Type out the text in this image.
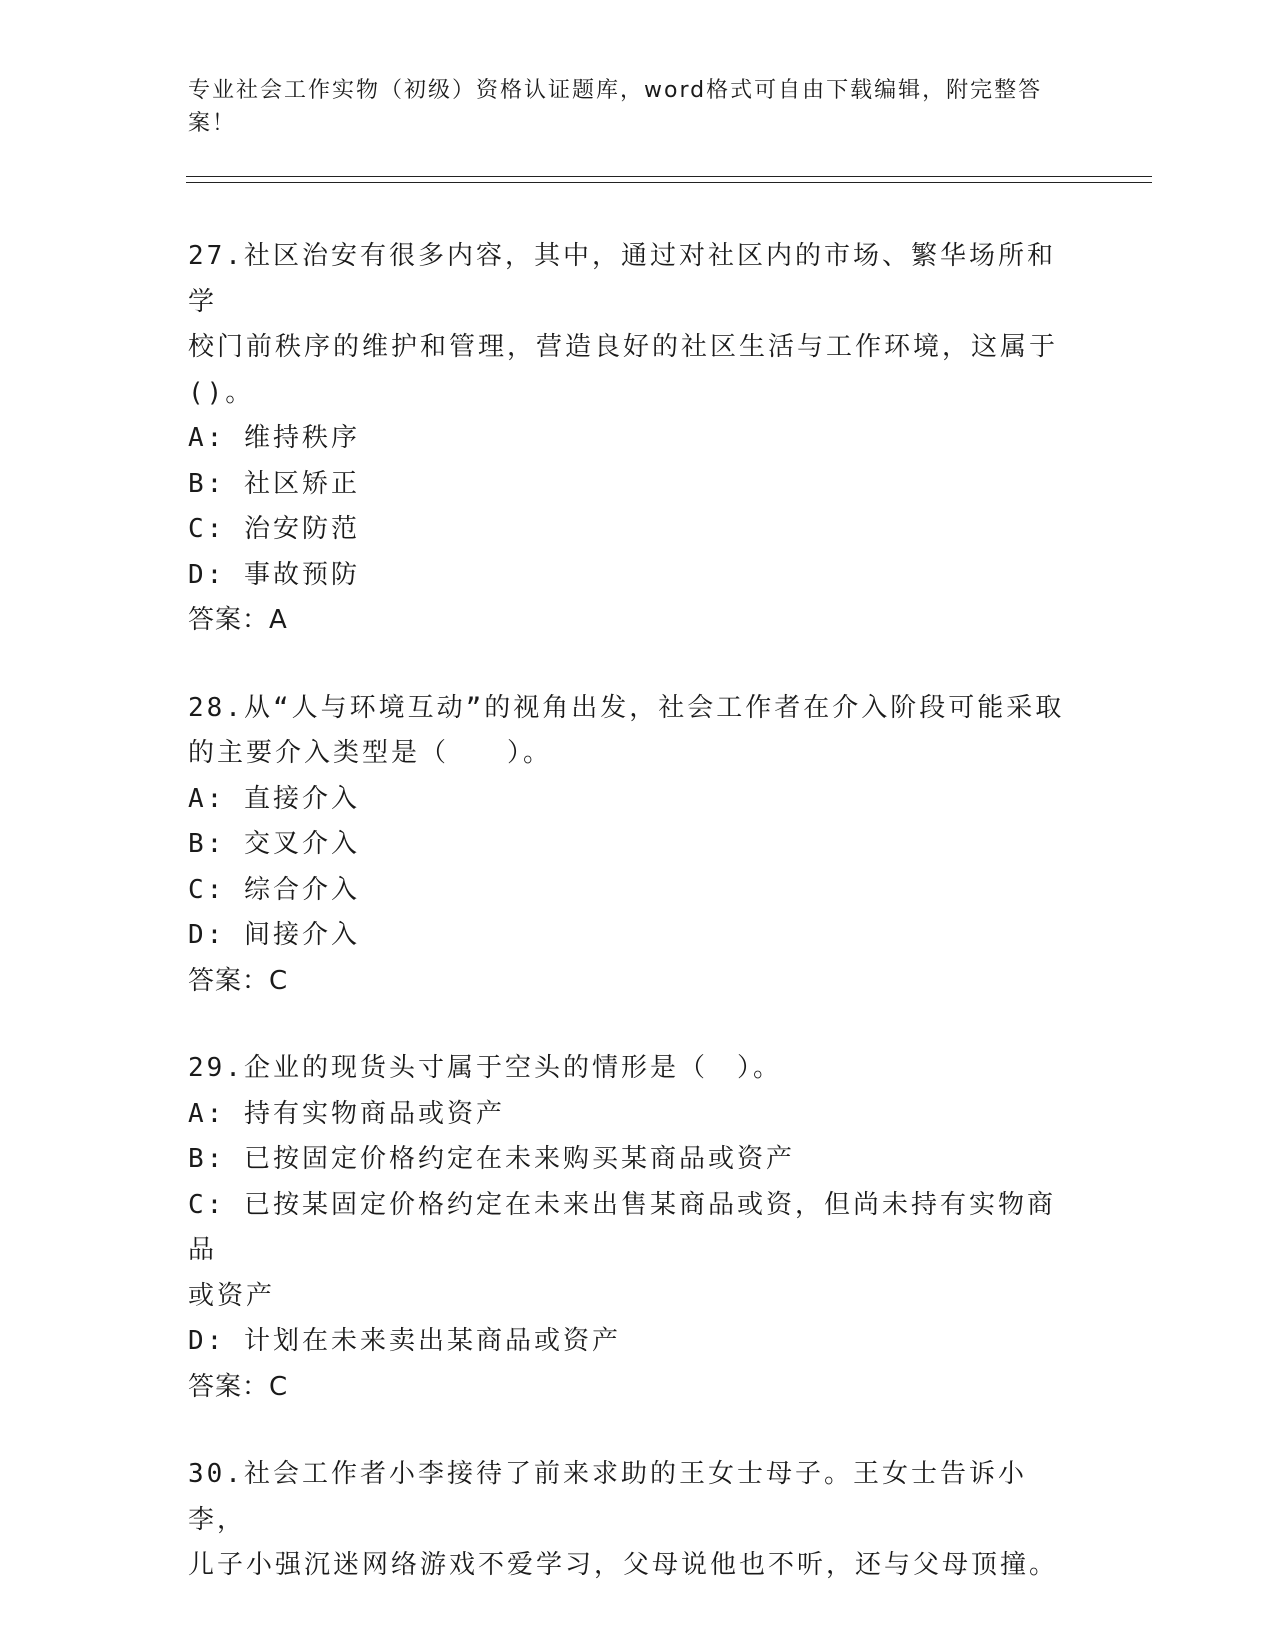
专业社会工作实物（初级）资格认证题库，word格式可自由下载编辑，附完整答
案！
27.社区治安有很多内容，其中，通过对社区内的市场、繁华场所和学
校门前秩序的维护和管理，营造良好的社区生活与工作环境，这属于
()。
A: 维持秩序
B: 社区矫正
C: 治安防范
D: 事故预防
答案：A
28.从“人与环境互动”的视角出发，社会工作者在介入阶段可能采取
的主要介入类型是（　　）。
A: 直接介入
B: 交叉介入
C: 综合介入
D: 间接介入
答案：C
29.企业的现货头寸属于空头的情形是（　）。
A: 持有实物商品或资产
B: 已按固定价格约定在未来购买某商品或资产
C: 已按某固定价格约定在未来出售某商品或资，但尚未持有实物商品
或资产
D: 计划在未来卖出某商品或资产
答案：C
30.社会工作者小李接待了前来求助的王女士母子。王女士告诉小李，
儿子小强沉迷网络游戏不爱学习，父母说他也不听，还与父母顶撞。
